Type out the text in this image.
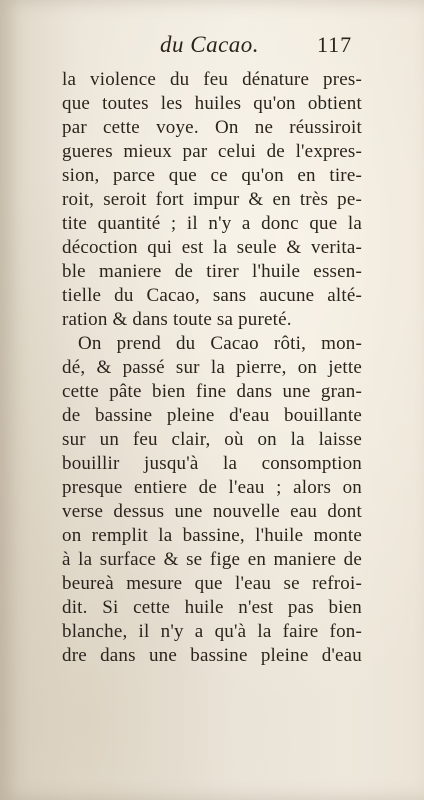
du Cacao.	117
la violence du feu dénature pres-
que toutes les huiles qu'on obtient
par cette voye. On ne réussiroit
gueres mieux par celui de l'expres-
sion, parce que ce qu'on en tire-
roit, seroit fort impur & en très pe-
tite quantité ; il n'y a donc que la
décoction qui est la seule & verita-
ble maniere de tirer l'huile essen-
tielle du Cacao, sans aucune alté-
ration & dans toute sa pureté.
On prend du Cacao rôti, mon-
dé, & passé sur la pierre, on jette
cette pâte bien fine dans une gran-
de bassine pleine d'eau bouillante
sur un feu clair, où on la laisse
bouillir jusqu'à la consomption
presque entiere de l'eau ; alors on
verse dessus une nouvelle eau dont
on remplit la bassine, l'huile monte
à la surface & se fige en maniere de
beureà mesure que l'eau se refroi-
dit. Si cette huile n'est pas bien
blanche, il n'y a qu'à la faire fon-
dre dans une bassine pleine d'eau
